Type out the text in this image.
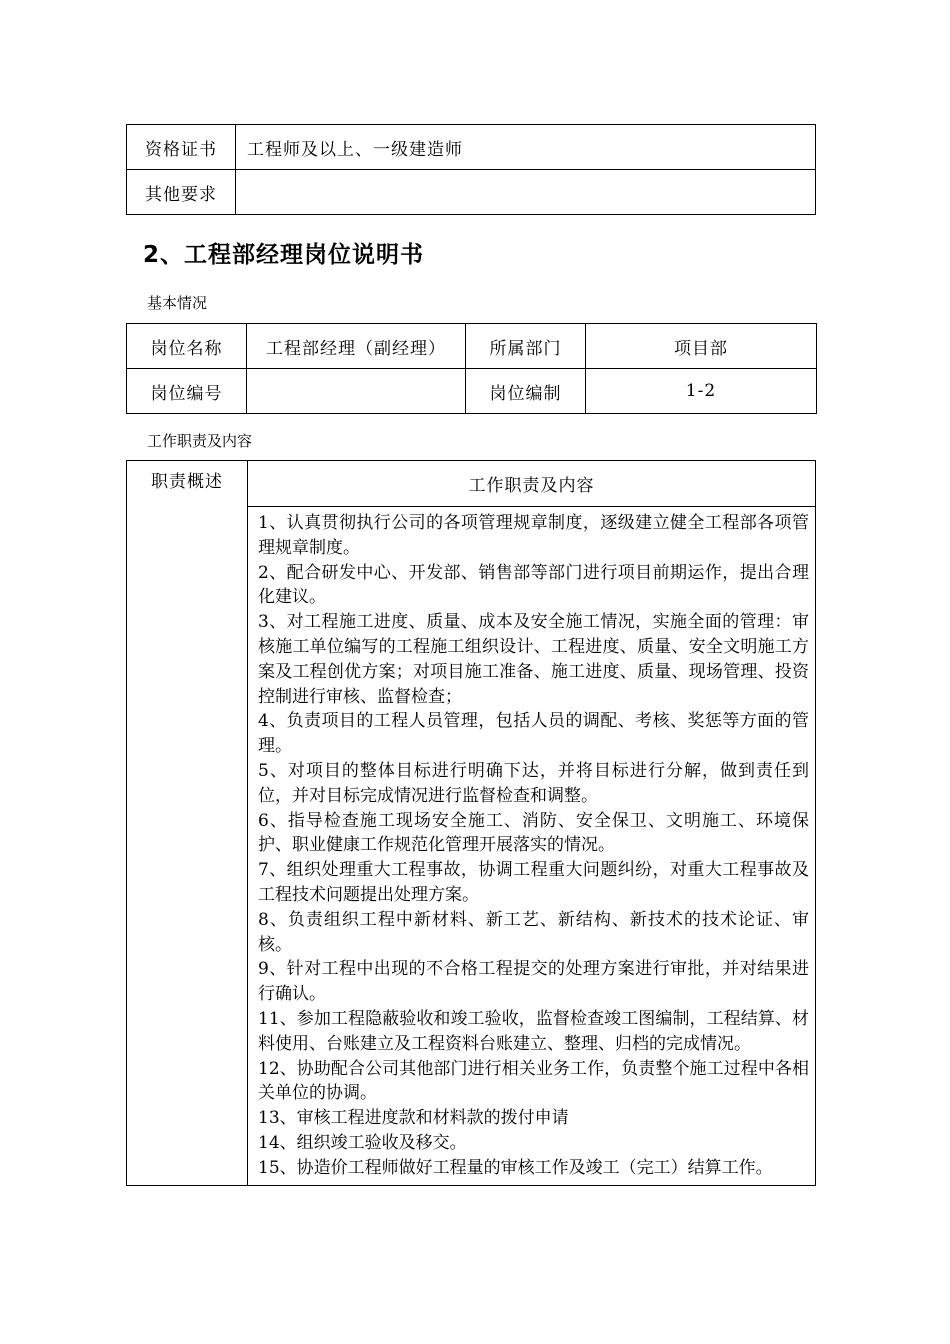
资格证书	工程师及以上、一级建造师
其他要求	
2、工程部经理岗位说明书
基本情况
岗位名称	工程部经理（副经理）	所属部门	项目部
岗位编号		岗位编制	1-2
工作职责及内容
职责概述	工作职责及内容

1、认真贯彻执行公司的各项管理规章制度，逐级建立健全工程部各项管理规章制度。

2、配合研发中心、开发部、销售部等部门进行项目前期运作，提出合理化建议。

3、对工程施工进度、质量、成本及安全施工情况，实施全面的管理：审核施工单位编写的工程施工组织设计、工程进度、质量、安全文明施工方案及工程创优方案；对项目施工准备、施工进度、质量、现场管理、投资控制进行审核、监督检查；

4、负责项目的工程人员管理，包括人员的调配、考核、奖惩等方面的管理。

5、对项目的整体目标进行明确下达，并将目标进行分解，做到责任到位，并对目标完成情况进行监督检查和调整。

6、指导检查施工现场安全施工、消防、安全保卫、文明施工、环境保护、职业健康工作规范化管理开展落实的情况。

7、组织处理重大工程事故，协调工程重大问题纠纷，对重大工程事故及工程技术问题提出处理方案。

8、负责组织工程中新材料、新工艺、新结构、新技术的技术论证、审核。

9、针对工程中出现的不合格工程提交的处理方案进行审批，并对结果进行确认。

11、参加工程隐蔽验收和竣工验收，监督检查竣工图编制，工程结算、材料使用、台账建立及工程资料台账建立、整理、归档的完成情况。

12、协助配合公司其他部门进行相关业务工作，负责整个施工过程中各相关单位的协调。

13、审核工程进度款和材料款的拨付申请

14、组织竣工验收及移交。

15、协造价工程师做好工程量的审核工作及竣工（完工）结算工作。
